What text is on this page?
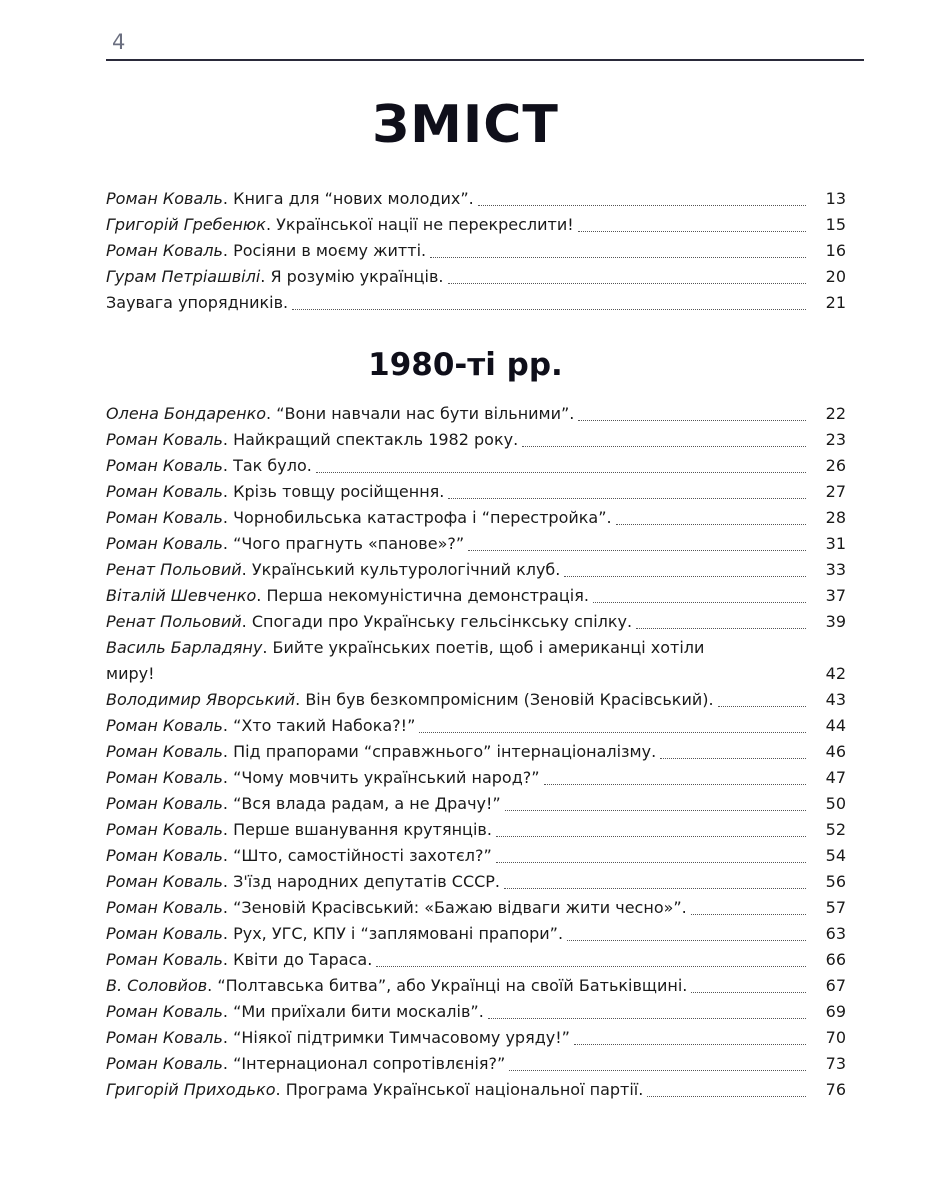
4
ЗМІСТ
Роман Коваль. Книга для “нових молодих”.	13
Григорій Гребенюк. Української нації не перекреслити!	15
Роман Коваль. Росіяни в моєму житті.	16
Гурам Петріашвілі. Я розумію українців.	20
Заувага упорядників.	21
1980-ті рр.
Олена Бондаренко. “Вони навчали нас бути вільними”.	22
Роман Коваль. Найкращий спектакль 1982 року.	23
Роман Коваль. Так було.	26
Роман Коваль. Крізь товщу російщення.	27
Роман Коваль. Чорнобильська катастрофа і “перестройка”.	28
Роман Коваль. “Чого прагнуть «панове»?”	31
Ренат Польовий. Український культурологічний клуб.	33
Віталій Шевченко. Перша некомуністична демонстрація.	37
Ренат Польовий. Спогади про Українську гельсінкську спілку.	39
Василь Барладяну. Бийте українських поетів, щоб і американці хотіли
миру!	42
Володимир Яворський. Він був безкомпромісним (Зеновій Красівський).	43
Роман Коваль. “Хто такий Набока?!”	44
Роман Коваль. Під прапорами “справжнього” інтернаціоналізму.	46
Роман Коваль. “Чому мовчить український народ?”	47
Роман Коваль. “Вся влада радам, а не Драчу!”	50
Роман Коваль. Перше вшанування крутянців.	52
Роман Коваль. “Што, самостійності захотєл?”	54
Роман Коваль. З'їзд народних депутатів СССР.	56
Роман Коваль. “Зеновій Красівський: «Бажаю відваги жити чесно»”.	57
Роман Коваль. Рух, УГС, КПУ і “заплямовані прапори”.	63
Роман Коваль. Квіти до Тараса.	66
В. Соловйов. “Полтавська битва”, або Українці на своїй Батьківщині.	67
Роман Коваль. “Ми приїхали бити москалів”.	69
Роман Коваль. “Ніякої підтримки Тимчасовому уряду!”	70
Роман Коваль. “Інтернационал сопротівлєнія?”	73
Григорій Приходько. Програма Української національної партії.	76
